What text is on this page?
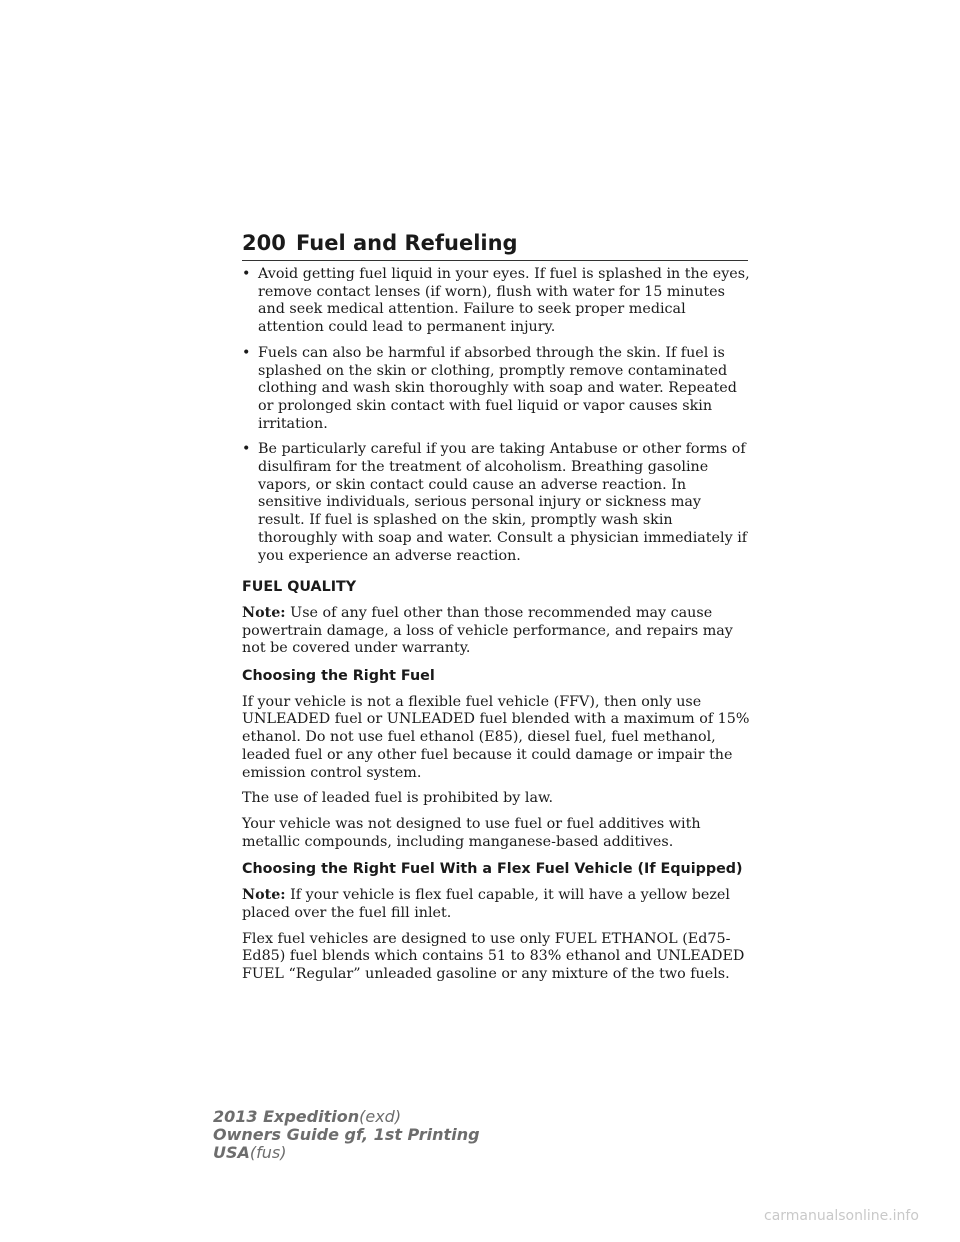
200 Fuel and Refueling
• Avoid getting fuel liquid in your eyes. If fuel is splashed in the eyes, remove contact lenses (if worn), flush with water for 15 minutes and seek medical attention. Failure to seek proper medical attention could lead to permanent injury.
• Fuels can also be harmful if absorbed through the skin. If fuel is splashed on the skin or clothing, promptly remove contaminated clothing and wash skin thoroughly with soap and water. Repeated or prolonged skin contact with fuel liquid or vapor causes skin irritation.
• Be particularly careful if you are taking Antabuse or other forms of disulfiram for the treatment of alcoholism. Breathing gasoline vapors, or skin contact could cause an adverse reaction. In sensitive individuals, serious personal injury or sickness may result. If fuel is splashed on the skin, promptly wash skin thoroughly with soap and water. Consult a physician immediately if you experience an adverse reaction.
FUEL QUALITY

Note: Use of any fuel other than those recommended may cause powertrain damage, a loss of vehicle performance, and repairs may not be covered under warranty.

Choosing the Right Fuel

If your vehicle is not a flexible fuel vehicle (FFV), then only use UNLEADED fuel or UNLEADED fuel blended with a maximum of 15% ethanol. Do not use fuel ethanol (E85), diesel fuel, fuel methanol, leaded fuel or any other fuel because it could damage or impair the emission control system.

The use of leaded fuel is prohibited by law.

Your vehicle was not designed to use fuel or fuel additives with metallic compounds, including manganese-based additives.

Choosing the Right Fuel With a Flex Fuel Vehicle (If Equipped)

Note: If your vehicle is flex fuel capable, it will have a yellow bezel placed over the fuel fill inlet.

Flex fuel vehicles are designed to use only FUEL ETHANOL (Ed75-Ed85) fuel blends which contains 51 to 83% ethanol and UNLEADED FUEL “Regular” unleaded gasoline or any mixture of the two fuels.

2013 Expedition(exd)
Owners Guide gf, 1st Printing
USA(fus)
carmanualsonline.info
